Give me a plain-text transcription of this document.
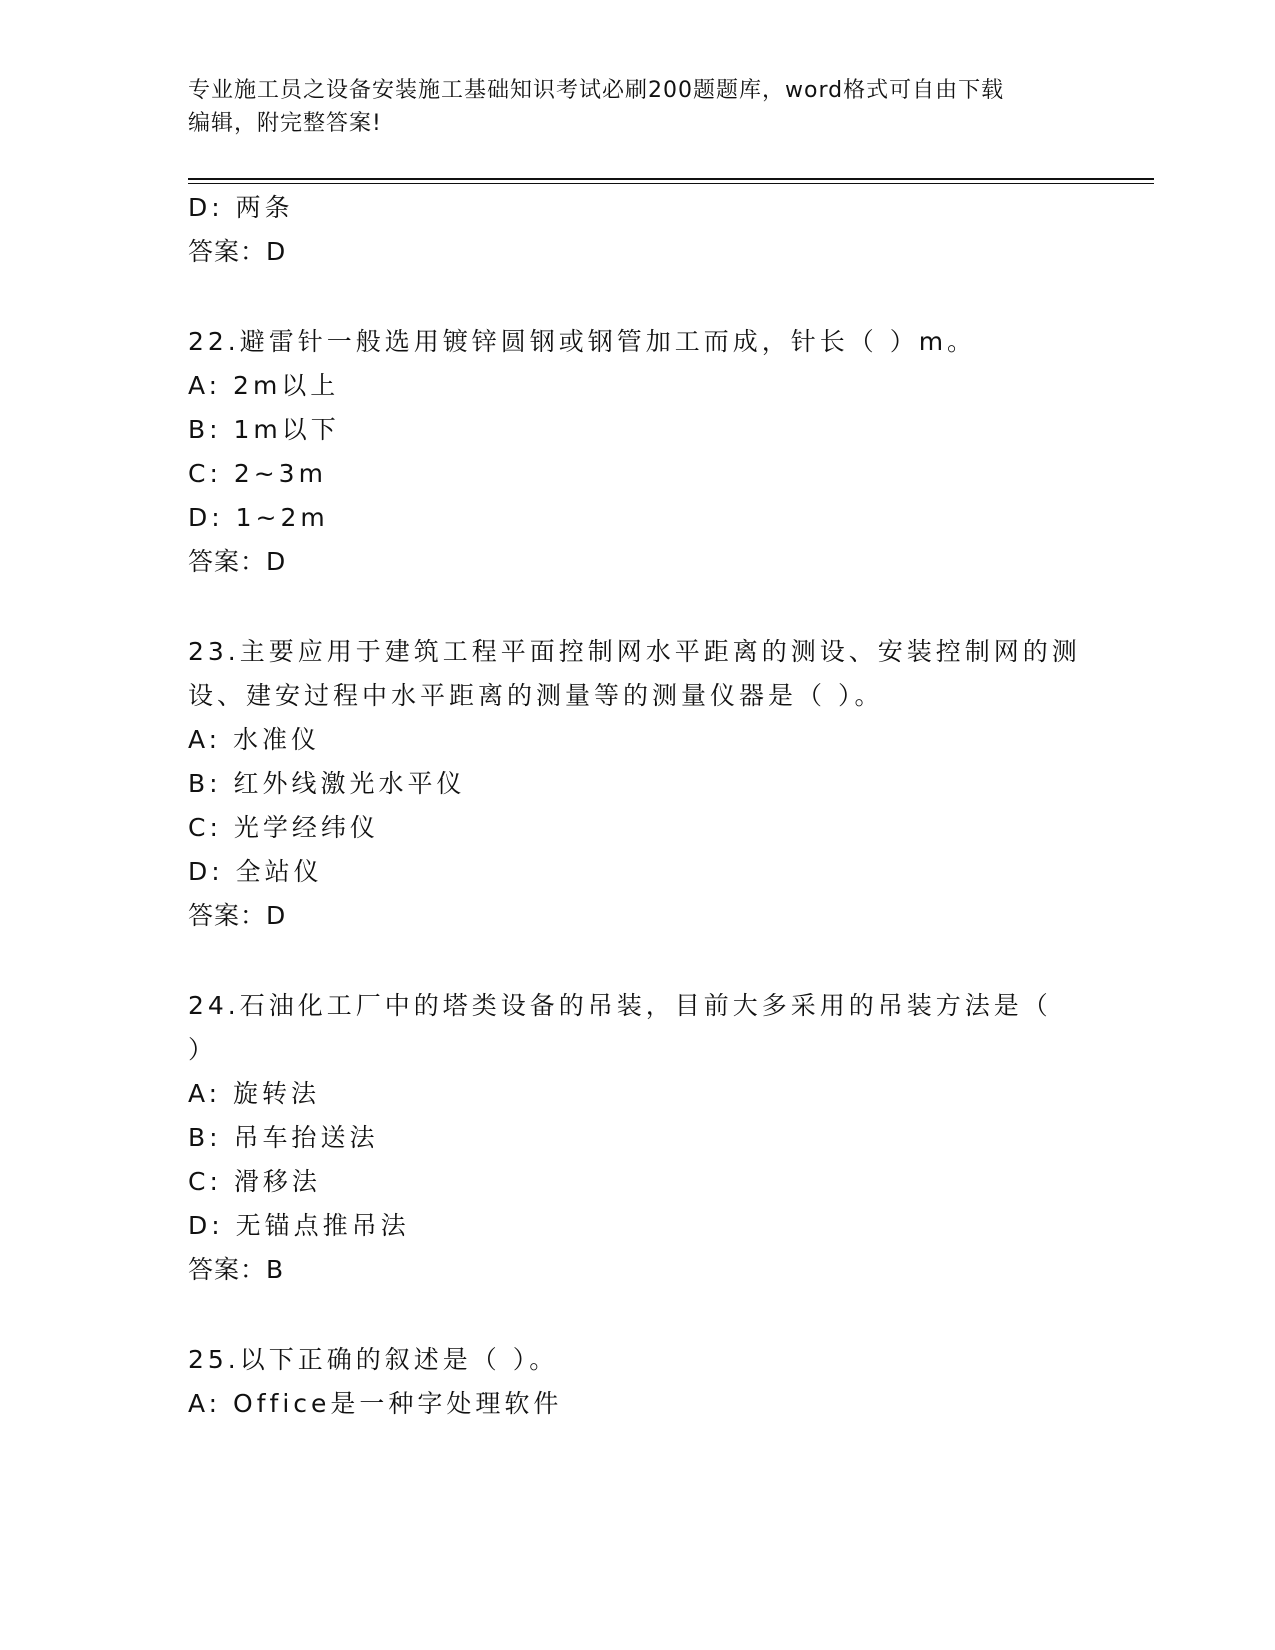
专业施工员之设备安装施工基础知识考试必刷200题题库，word格式可自由下载
编辑，附完整答案!
D: 两条
答案：D
22.避雷针一般选用镀锌圆钢或钢管加工而成，针长（ ）m。
A: 2m以上
B: 1m以下
C: 2~3m
D: 1~2m
答案：D
23.主要应用于建筑工程平面控制网水平距离的测设、安装控制网的测
设、建安过程中水平距离的测量等的测量仪器是（ ）。
A: 水准仪
B: 红外线激光水平仪
C: 光学经纬仪
D: 全站仪
答案：D
24.石油化工厂中的塔类设备的吊装，目前大多采用的吊装方法是（
）
A: 旋转法
B: 吊车抬送法
C: 滑移法
D: 无锚点推吊法
答案：B
25.以下正确的叙述是（ ）。
A: Office是一种字处理软件
